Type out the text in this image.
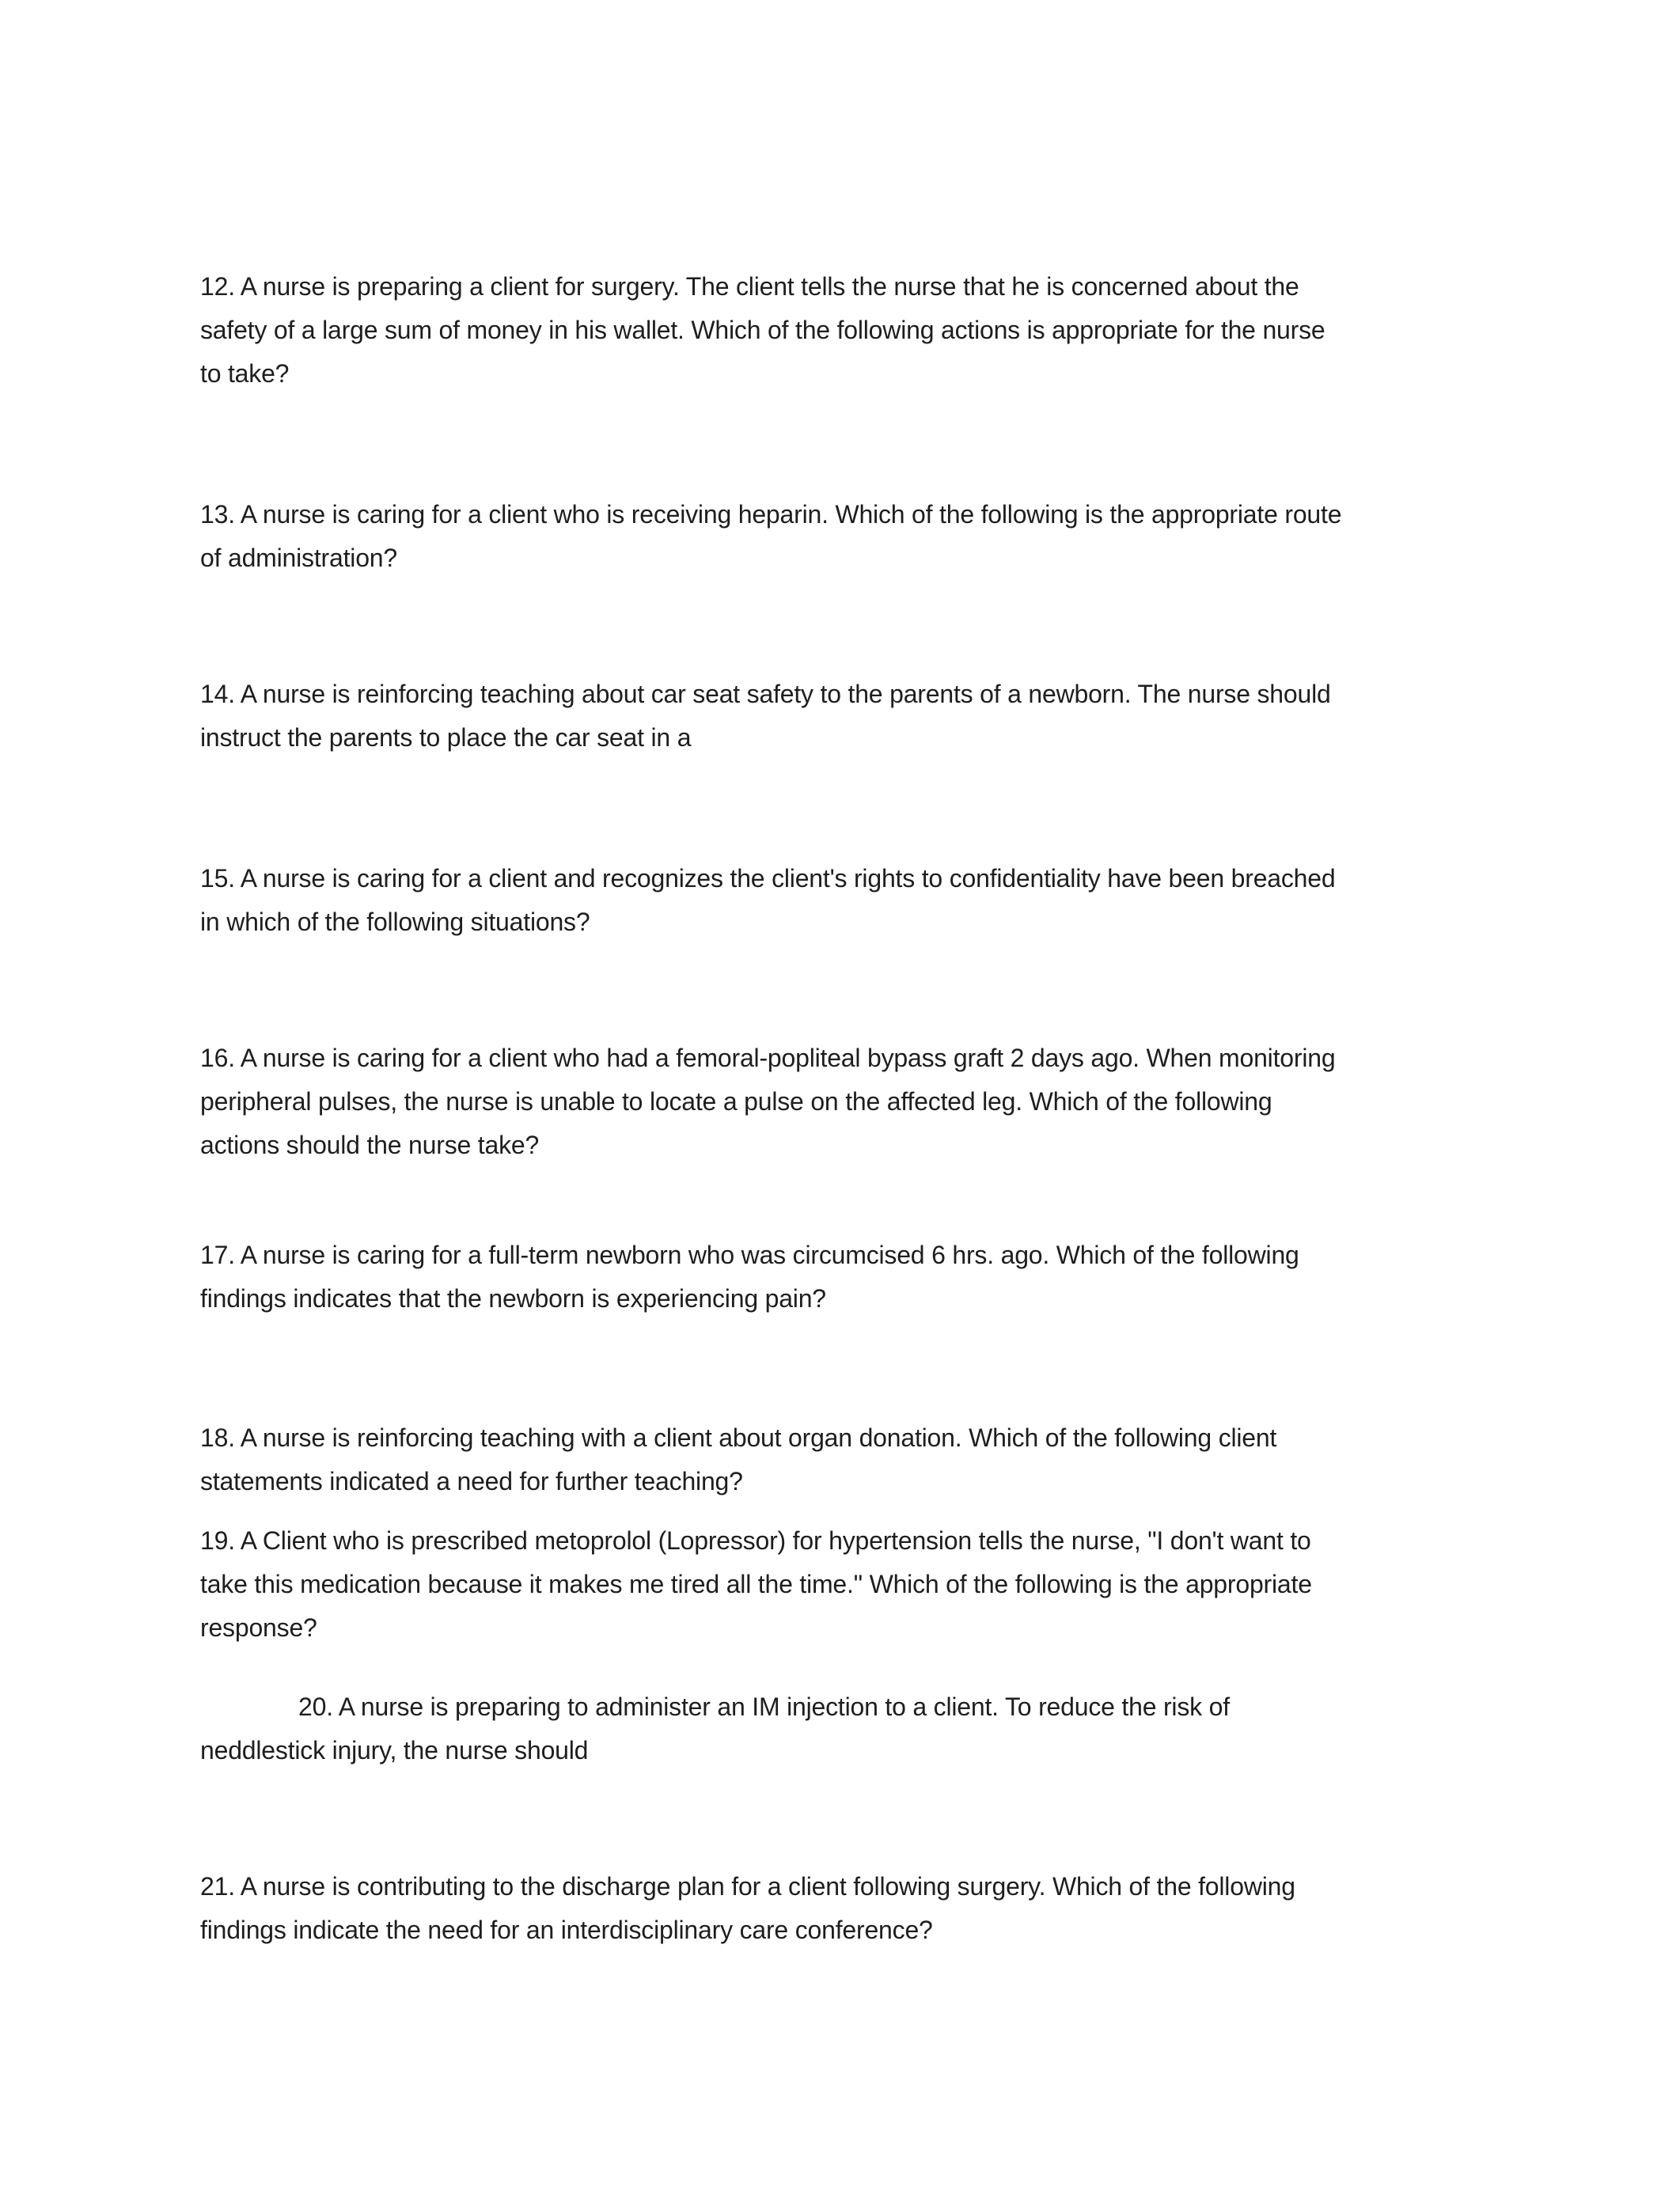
12. A nurse is preparing a client for surgery. The client tells the nurse that he is concerned about the
safety of a large sum of money in his wallet. Which of the following actions is appropriate for the nurse
to take?

13. A nurse is caring for a client who is receiving heparin. Which of the following is the appropriate route
of administration?

14. A nurse is reinforcing teaching about car seat safety to the parents of a newborn. The nurse should
instruct the parents to place the car seat in a

15. A nurse is caring for a client and recognizes the client's rights to confidentiality have been breached
in which of the following situations?

16. A nurse is caring for a client who had a femoral-popliteal bypass graft 2 days ago. When monitoring
peripheral pulses, the nurse is unable to locate a pulse on the affected leg. Which of the following
actions should the nurse take?

17. A nurse is caring for a full-term newborn who was circumcised 6 hrs. ago. Which of the following
findings indicates that the newborn is experiencing pain?

18. A nurse is reinforcing teaching with a client about organ donation. Which of the following client
statements indicated a need for further teaching?

19. A Client who is prescribed metoprolol (Lopressor) for hypertension tells the nurse, "I don't want to
take this medication because it makes me tired all the time." Which of the following is the appropriate
response?

20. A nurse is preparing to administer an IM injection to a client. To reduce the risk of
neddlestick injury, the nurse should

21. A nurse is contributing to the discharge plan for a client following surgery. Which of the following
findings indicate the need for an interdisciplinary care conference?
